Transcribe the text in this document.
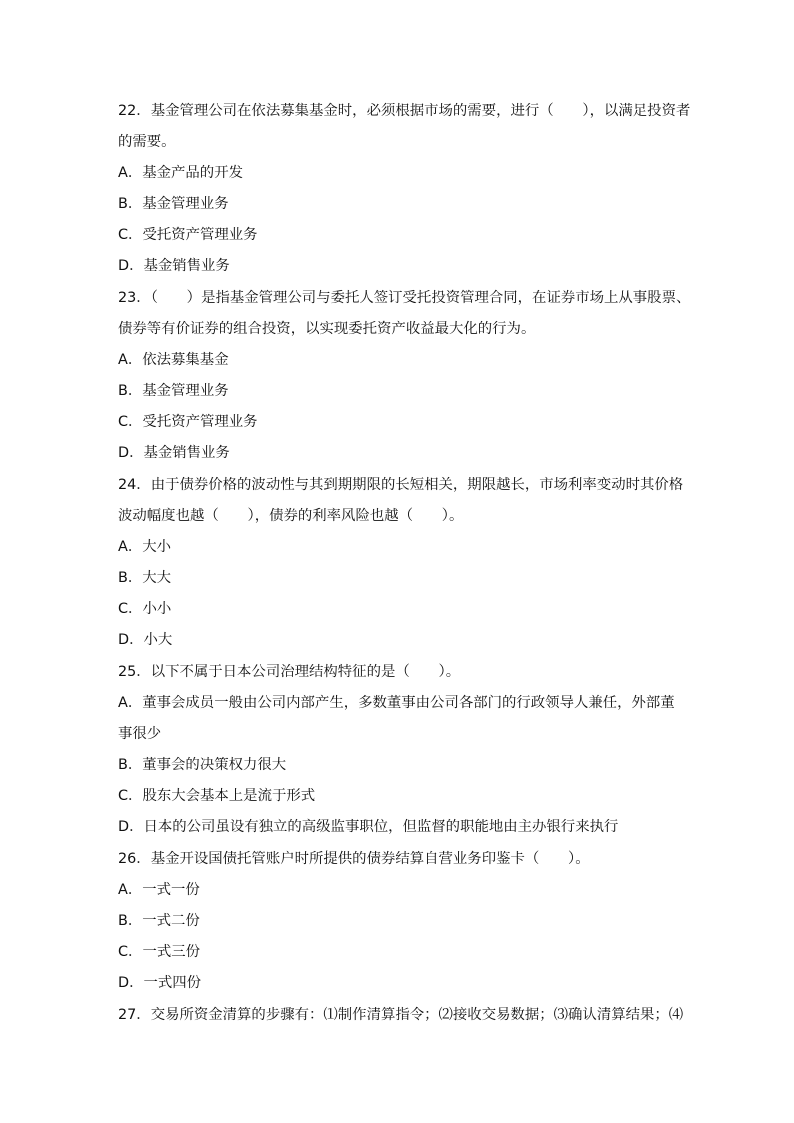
22．基金管理公司在依法募集基金时，必须根据市场的需要，进行（　　），以满足投资者
的需要。
A．基金产品的开发
B．基金管理业务
C．受托资产管理业务
D．基金销售业务
23．（　　）是指基金管理公司与委托人签订受托投资管理合同，在证券市场上从事股票、
债券等有价证券的组合投资，以实现委托资产收益最大化的行为。
A．依法募集基金
B．基金管理业务
C．受托资产管理业务
D．基金销售业务
24．由于债券价格的波动性与其到期期限的长短相关，期限越长，市场利率变动时其价格
波动幅度也越（　　），债券的利率风险也越（　　）。
A．大小
B．大大
C．小小
D．小大
25．以下不属于日本公司治理结构特征的是（　　）。
A．董事会成员一般由公司内部产生，多数董事由公司各部门的行政领导人兼任，外部董
事很少
B．董事会的决策权力很大
C．股东大会基本上是流于形式
D．日本的公司虽设有独立的高级监事职位，但监督的职能地由主办银行来执行
26．基金开设国债托管账户时所提供的债券结算自营业务印鉴卡（　　）。
A．一式一份
B．一式二份
C．一式三份
D．一式四份
27．交易所资金清算的步骤有：⑴制作清算指令；⑵接收交易数据；⑶确认清算结果；⑷
